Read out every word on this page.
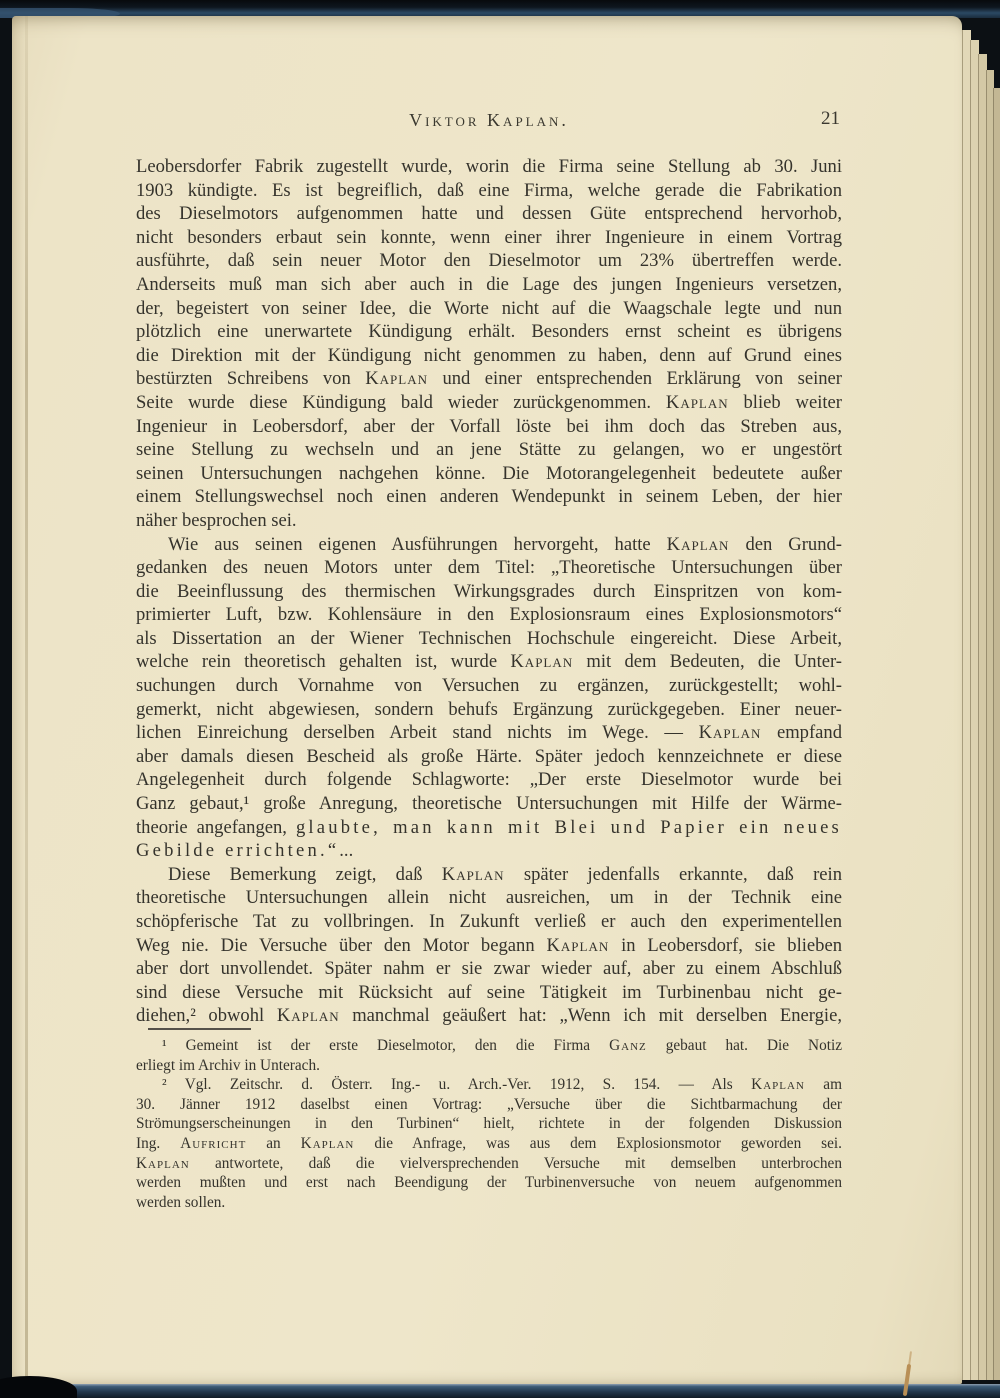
Viktor Kaplan.	21
Leobersdorfer Fabrik zugestellt wurde, worin die Firma seine Stellung ab 30. Juni
1903 kündigte. Es ist begreiflich, daß eine Firma, welche gerade die Fabrikation
des Dieselmotors aufgenommen hatte und dessen Güte entsprechend hervorhob,
nicht besonders erbaut sein konnte, wenn einer ihrer Ingenieure in einem Vortrag
ausführte, daß sein neuer Motor den Dieselmotor um 23% übertreffen werde.
Anderseits muß man sich aber auch in die Lage des jungen Ingenieurs versetzen,
der, begeistert von seiner Idee, die Worte nicht auf die Waagschale legte und nun
plötzlich eine unerwartete Kündigung erhält. Besonders ernst scheint es übrigens
die Direktion mit der Kündigung nicht genommen zu haben, denn auf Grund eines
bestürzten Schreibens von Kaplan und einer entsprechenden Erklärung von seiner
Seite wurde diese Kündigung bald wieder zurückgenommen. Kaplan blieb weiter
Ingenieur in Leobersdorf, aber der Vorfall löste bei ihm doch das Streben aus,
seine Stellung zu wechseln und an jene Stätte zu gelangen, wo er ungestört
seinen Untersuchungen nachgehen könne. Die Motorangelegenheit bedeutete außer
einem Stellungswechsel noch einen anderen Wendepunkt in seinem Leben, der hier
näher besprochen sei.
Wie aus seinen eigenen Ausführungen hervorgeht, hatte Kaplan den Grund-
gedanken des neuen Motors unter dem Titel: „Theoretische Untersuchungen über
die Beeinflussung des thermischen Wirkungsgrades durch Einspritzen von kom-
primierter Luft, bzw. Kohlensäure in den Explosionsraum eines Explosionsmotors“
als Dissertation an der Wiener Technischen Hochschule eingereicht. Diese Arbeit,
welche rein theoretisch gehalten ist, wurde Kaplan mit dem Bedeuten, die Unter-
suchungen durch Vornahme von Versuchen zu ergänzen, zurückgestellt; wohl-
gemerkt, nicht abgewiesen, sondern behufs Ergänzung zurückgegeben. Einer neuer-
lichen Einreichung derselben Arbeit stand nichts im Wege. — Kaplan empfand
aber damals diesen Bescheid als große Härte. Später jedoch kennzeichnete er diese
Angelegenheit durch folgende Schlagworte: „Der erste Dieselmotor wurde bei
Ganz gebaut,¹ große Anregung, theoretische Untersuchungen mit Hilfe der Wärme-
theorie angefangen, glaubte, man kann mit Blei und Papier ein neues
Gebilde errichten.“...
Diese Bemerkung zeigt, daß Kaplan später jedenfalls erkannte, daß rein
theoretische Untersuchungen allein nicht ausreichen, um in der Technik eine
schöpferische Tat zu vollbringen. In Zukunft verließ er auch den experimentellen
Weg nie. Die Versuche über den Motor begann Kaplan in Leobersdorf, sie blieben
aber dort unvollendet. Später nahm er sie zwar wieder auf, aber zu einem Abschluß
sind diese Versuche mit Rücksicht auf seine Tätigkeit im Turbinenbau nicht ge-
diehen,² obwohl Kaplan manchmal geäußert hat: „Wenn ich mit derselben Energie,
¹ Gemeint ist der erste Dieselmotor, den die Firma Ganz gebaut hat. Die Notiz
erliegt im Archiv in Unterach.
² Vgl. Zeitschr. d. Österr. Ing.- u. Arch.-Ver. 1912, S. 154. — Als Kaplan am
30. Jänner 1912 daselbst einen Vortrag: „Versuche über die Sichtbarmachung der
Strömungserscheinungen in den Turbinen“ hielt, richtete in der folgenden Diskussion
Ing. Aufricht an Kaplan die Anfrage, was aus dem Explosionsmotor geworden sei.
Kaplan antwortete, daß die vielversprechenden Versuche mit demselben unterbrochen
werden mußten und erst nach Beendigung der Turbinenversuche von neuem aufgenommen
werden sollen.
